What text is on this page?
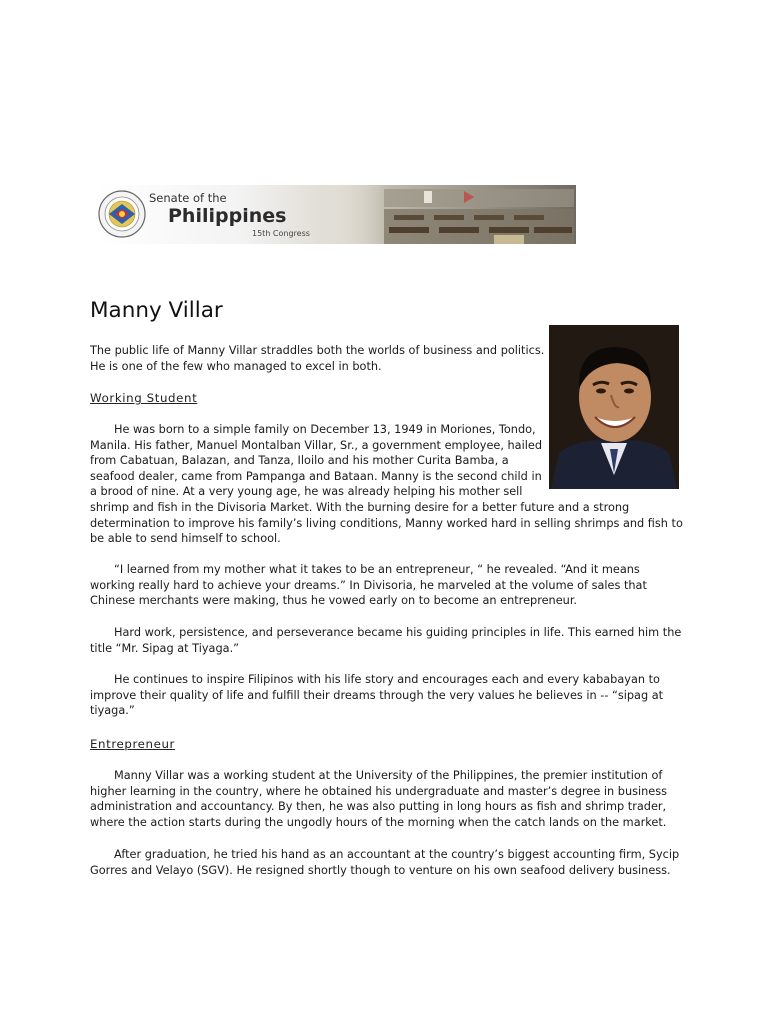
Senate of the
Philippines
15th Congress
Manny Villar

The public life of Manny Villar straddles both the worlds of business and politics.
He is one of the few who managed to excel in both.

Working Student

He was born to a simple family on December 13, 1949 in Moriones, Tondo,
Manila. His father, Manuel Montalban Villar, Sr., a government employee, hailed
from Cabatuan, Balazan, and Tanza, Iloilo and his mother Curita Bamba, a
seafood dealer, came from Pampanga and Bataan. Manny is the second child in
a brood of nine. At a very young age, he was already helping his mother sell
shrimp and fish in the Divisoria Market. With the burning desire for a better future and a strong
determination to improve his family’s living conditions, Manny worked hard in selling shrimps and fish to
be able to send himself to school.

“I learned from my mother what it takes to be an entrepreneur, “ he revealed. “And it means
working really hard to achieve your dreams.” In Divisoria, he marveled at the volume of sales that
Chinese merchants were making, thus he vowed early on to become an entrepreneur.

Hard work, persistence, and perseverance became his guiding principles in life. This earned him the
title “Mr. Sipag at Tiyaga.”

He continues to inspire Filipinos with his life story and encourages each and every kababayan to
improve their quality of life and fulfill their dreams through the very values he believes in -- “sipag at
tiyaga.”

Entrepreneur

Manny Villar was a working student at the University of the Philippines, the premier institution of
higher learning in the country, where he obtained his undergraduate and master’s degree in business
administration and accountancy. By then, he was also putting in long hours as fish and shrimp trader,
where the action starts during the ungodly hours of the morning when the catch lands on the market.

After graduation, he tried his hand as an accountant at the country’s biggest accounting firm, Sycip
Gorres and Velayo (SGV). He resigned shortly though to venture on his own seafood delivery business.
